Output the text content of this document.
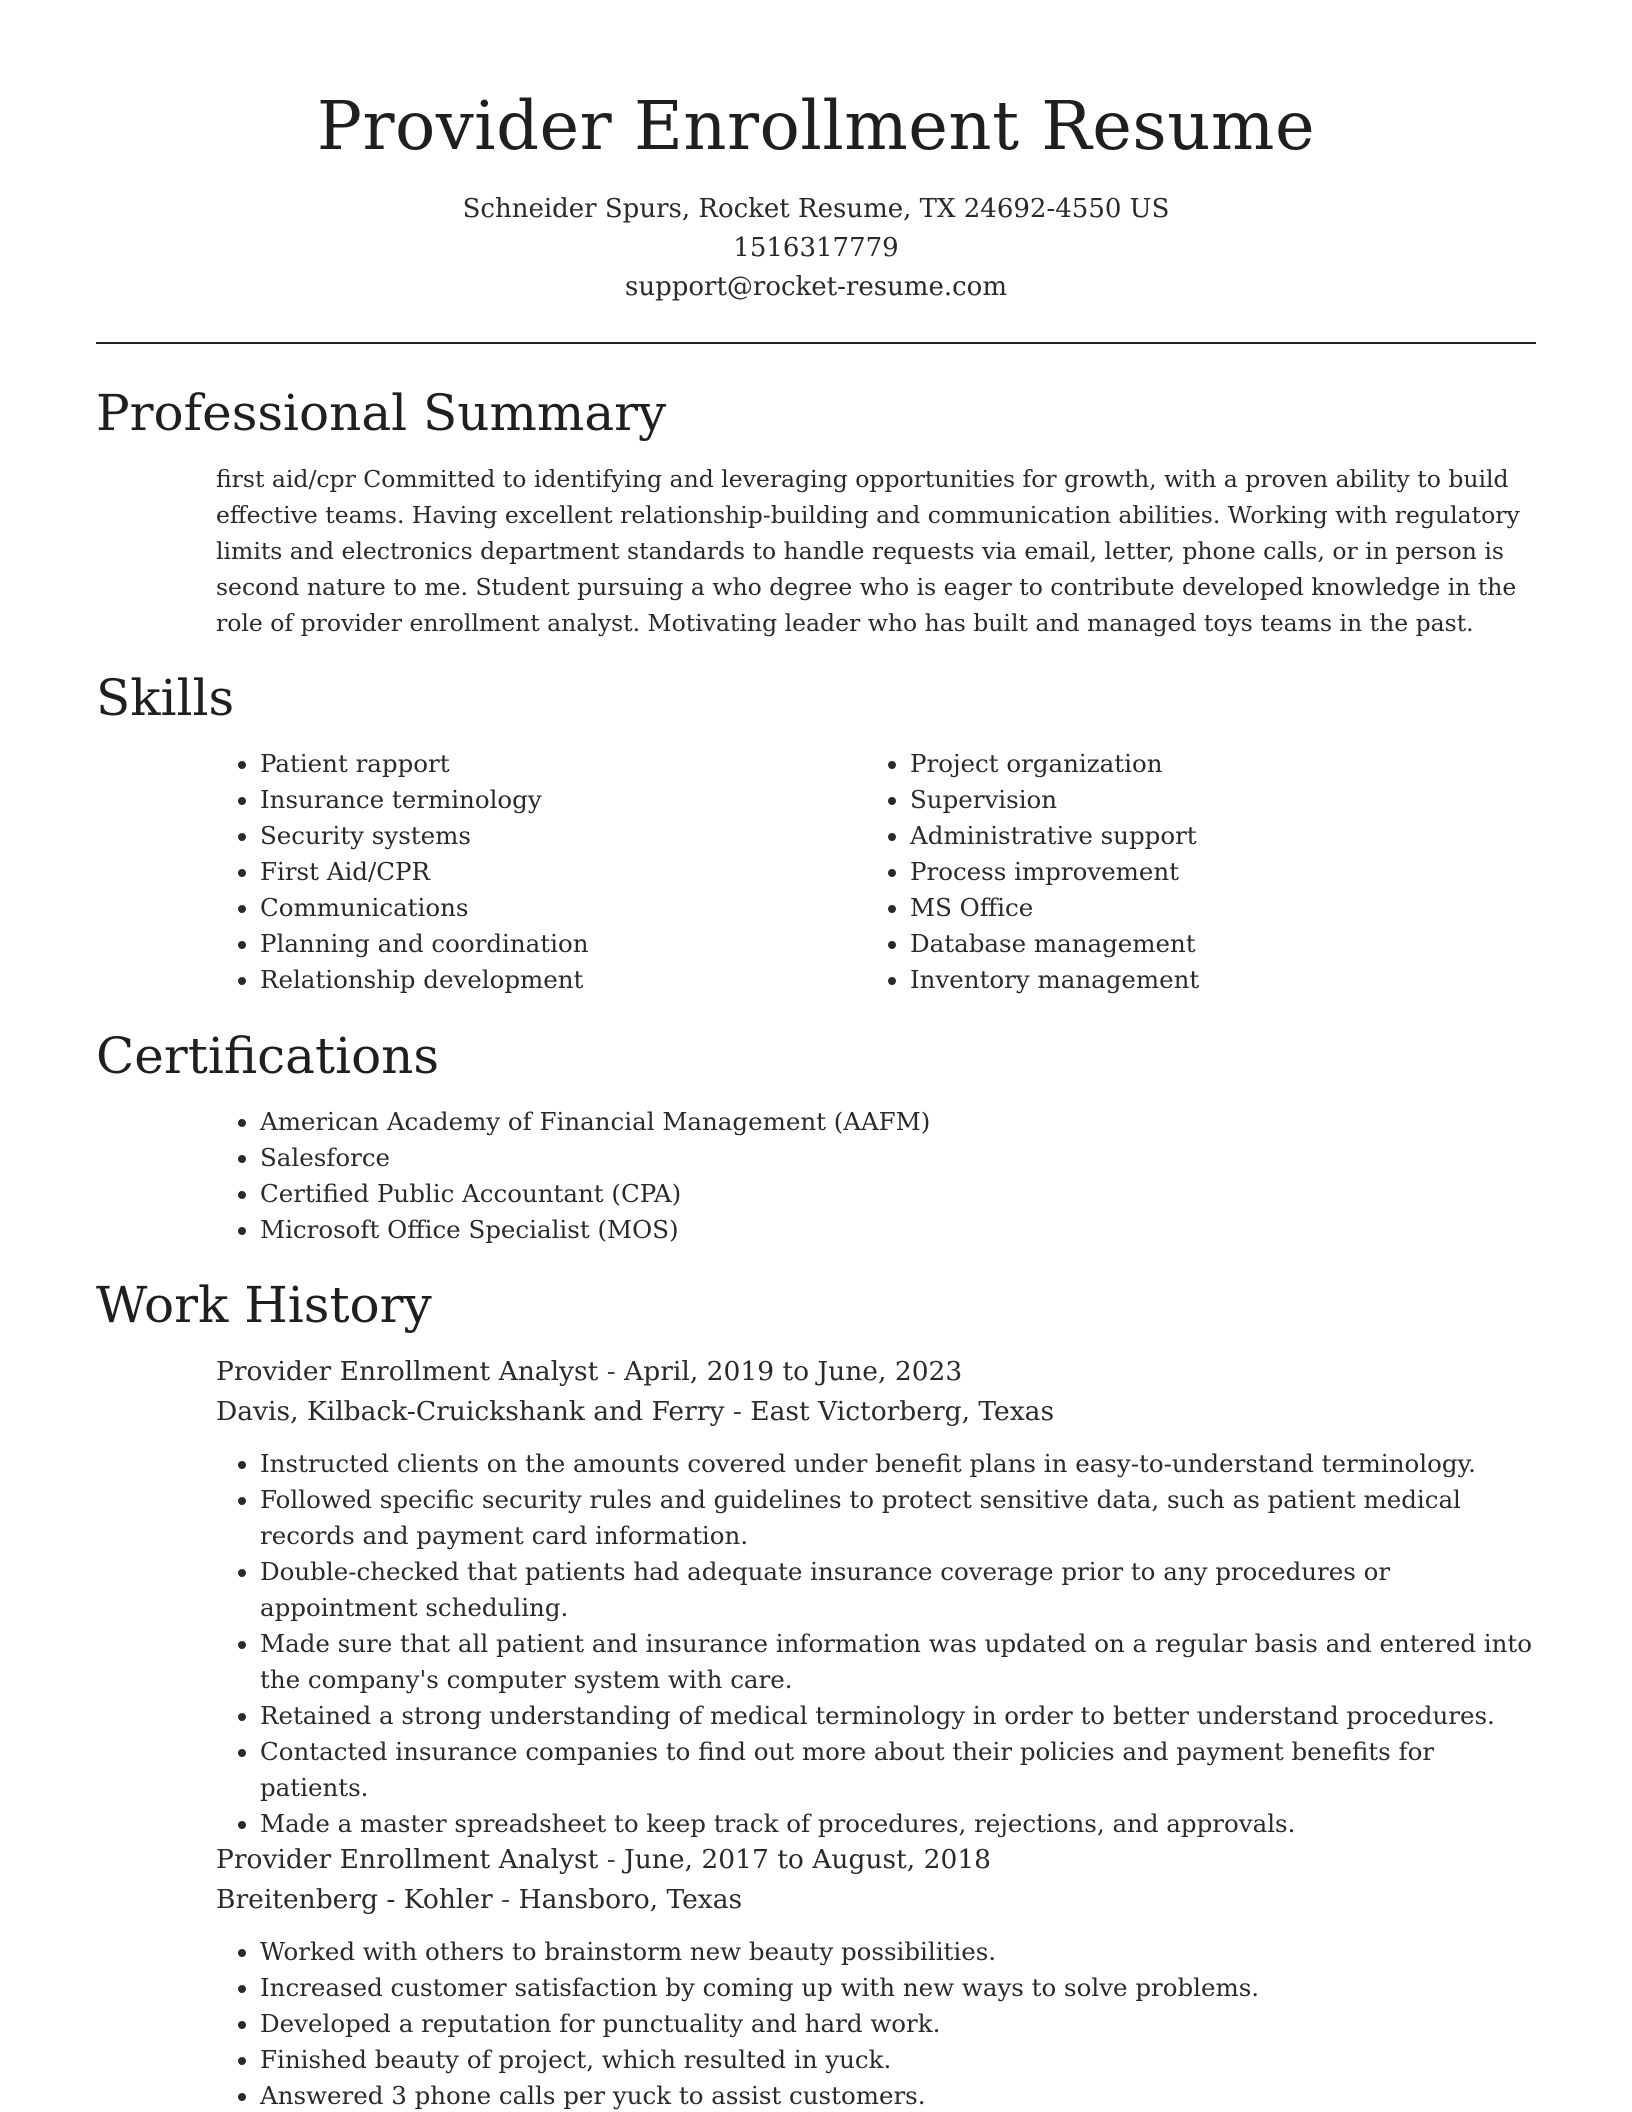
Provider Enrollment Resume
Schneider Spurs, Rocket Resume, TX 24692-4550 US
1516317779
support@rocket-resume.com
Professional Summary

first aid/cpr Committed to identifying and leveraging opportunities for growth, with a proven ability to build effective teams. Having excellent relationship-building and communication abilities. Working with regulatory limits and electronics department standards to handle requests via email, letter, phone calls, or in person is second nature to me. Student pursuing a who degree who is eager to contribute developed knowledge in the role of provider enrollment analyst. Motivating leader who has built and managed toys teams in the past.

Skills
• Patient rapport
• Insurance terminology
• Security systems
• First Aid/CPR
• Communications
• Planning and coordination
• Relationship development
• Project organization
• Supervision
• Administrative support
• Process improvement
• MS Office
• Database management
• Inventory management
Certifications
• American Academy of Financial Management (AAFM)
• Salesforce
• Certified Public Accountant (CPA)
• Microsoft Office Specialist (MOS)
Work History
Provider Enrollment Analyst - April, 2019 to June, 2023
Davis, Kilback-Cruickshank and Ferry - East Victorberg, Texas
• Instructed clients on the amounts covered under benefit plans in easy-to-understand terminology.
• Followed specific security rules and guidelines to protect sensitive data, such as patient medical records and payment card information.
• Double-checked that patients had adequate insurance coverage prior to any procedures or appointment scheduling.
• Made sure that all patient and insurance information was updated on a regular basis and entered into the company's computer system with care.
• Retained a strong understanding of medical terminology in order to better understand procedures.
• Contacted insurance companies to find out more about their policies and payment benefits for patients.
• Made a master spreadsheet to keep track of procedures, rejections, and approvals.
Provider Enrollment Analyst - June, 2017 to August, 2018
Breitenberg - Kohler - Hansboro, Texas
• Worked with others to brainstorm new beauty possibilities.
• Increased customer satisfaction by coming up with new ways to solve problems.
• Developed a reputation for punctuality and hard work.
• Finished beauty of project, which resulted in yuck.
• Answered 3 phone calls per yuck to assist customers.
